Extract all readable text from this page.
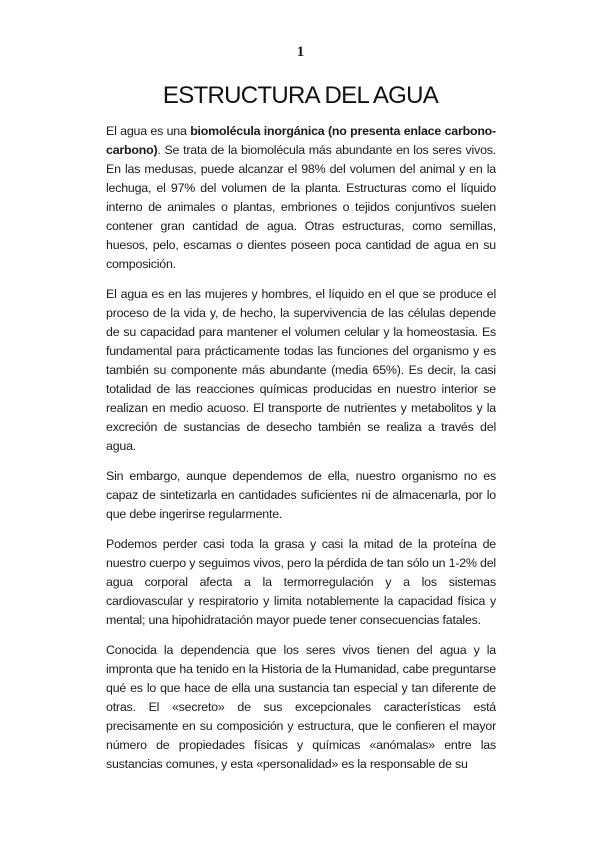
1
ESTRUCTURA DEL AGUA

El agua es una biomolécula inorgánica (no presenta enlace carbono-carbono). Se trata de la biomolécula más abundante en los seres vivos. En las medusas, puede alcanzar el 98% del volumen del animal y en la lechuga, el 97% del volumen de la planta. Estructuras como el líquido interno de animales o plantas, embriones o tejidos conjuntivos suelen contener gran cantidad de agua. Otras estructuras, como semillas, huesos, pelo, escamas o dientes poseen poca cantidad de agua en su composición.

El agua es en las mujeres y hombres, el líquido en el que se produce el proceso de la vida y, de hecho, la supervivencia de las células depende de su capacidad para mantener el volumen celular y la homeostasia. Es fundamental para prácticamente todas las funciones del organismo y es también su componente más abundante (media 65%). Es decir, la casi totalidad de las reacciones químicas producidas en nuestro interior se realizan en medio acuoso. El transporte de nutrientes y metabolitos y la excreción de sustancias de desecho también se realiza a través del agua.

Sin embargo, aunque dependemos de ella, nuestro organismo no es capaz de sintetizarla en cantidades suficientes ni de almacenarla, por lo que debe ingerirse regularmente.

Podemos perder casi toda la grasa y casi la mitad de la proteína de nuestro cuerpo y seguimos vivos, pero la pérdida de tan sólo un 1-2% del agua corporal afecta a la termorregulación y a los sistemas cardiovascular y respiratorio y limita notablemente la capacidad física y mental; una hipohidratación mayor puede tener consecuencias fatales.

Conocida la dependencia que los seres vivos tienen del agua y la impronta que ha tenido en la Historia de la Humanidad, cabe preguntarse qué es lo que hace de ella una sustancia tan especial y tan diferente de otras. El «secreto» de sus excepcionales características está precisamente en su composición y estructura, que le confieren el mayor número de propiedades físicas y químicas «anómalas» entre las sustancias comunes, y esta «personalidad» es la responsable de su
